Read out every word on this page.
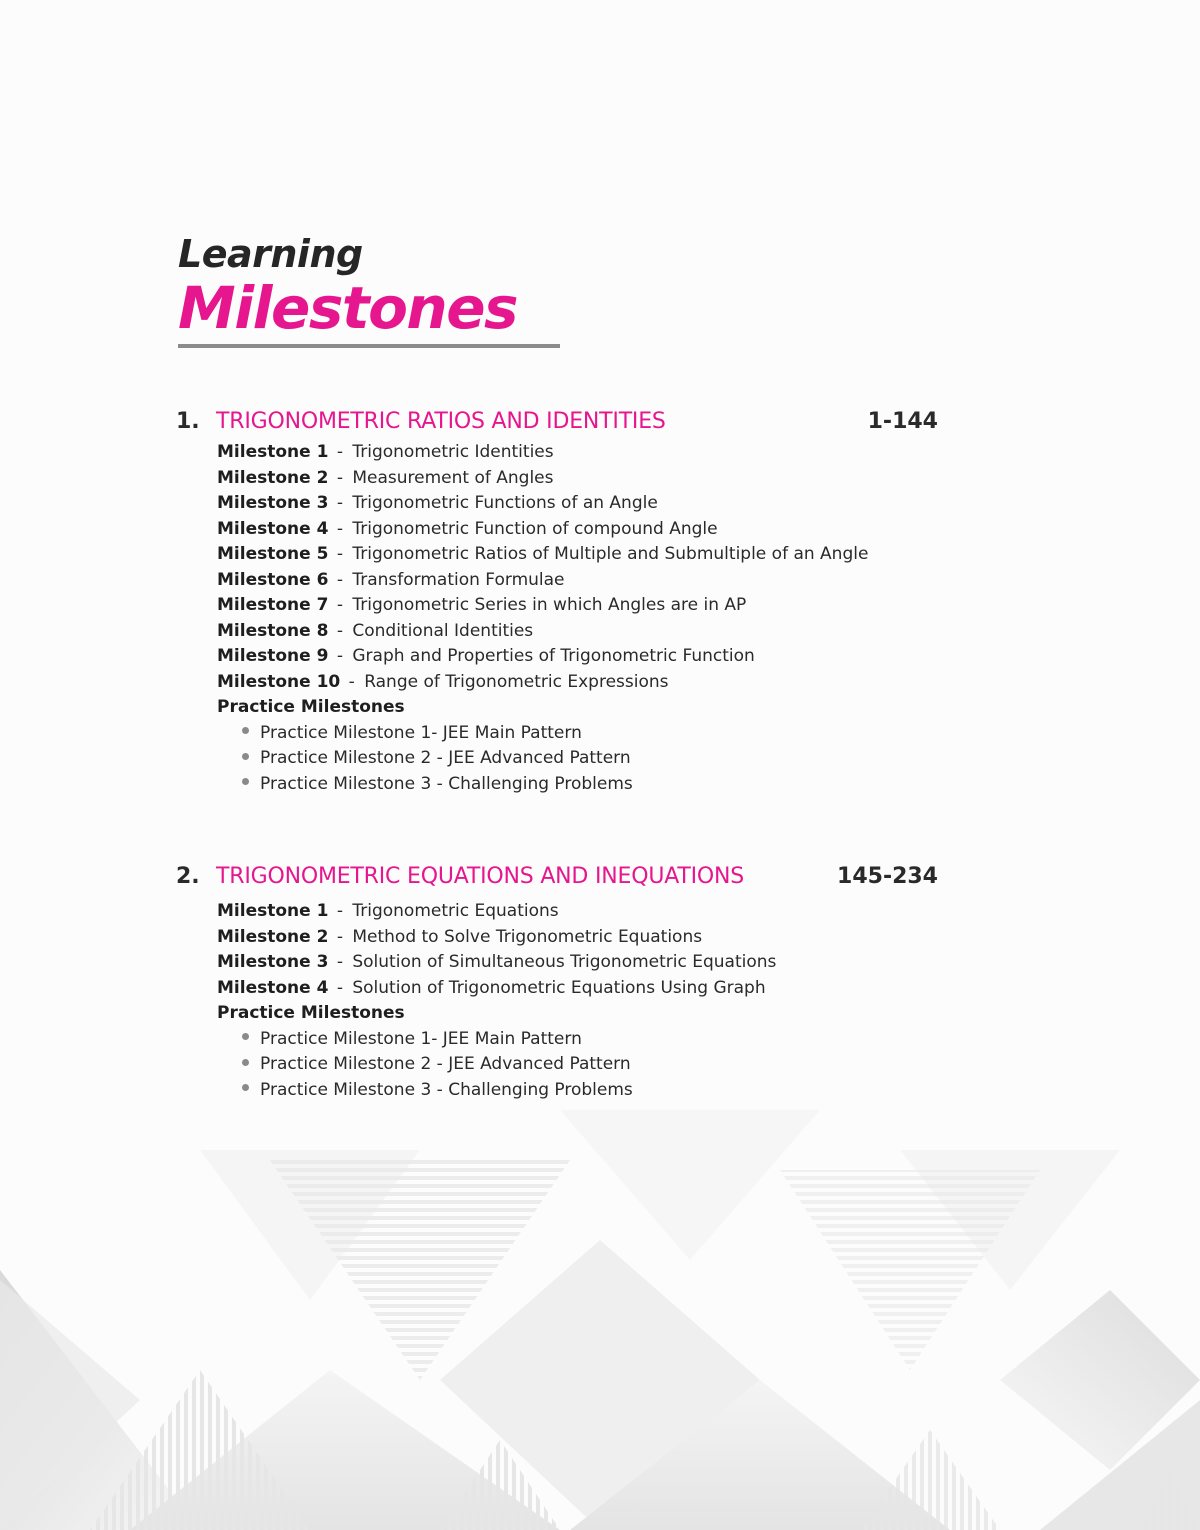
Learning
Milestones
1. TRIGONOMETRIC RATIOS AND IDENTITIES	1-144
Milestone 1 - Trigonometric Identities
Milestone 2 - Measurement of Angles
Milestone 3 - Trigonometric Functions of an Angle
Milestone 4 - Trigonometric Function of compound Angle
Milestone 5 - Trigonometric Ratios of Multiple and Submultiple of an Angle
Milestone 6 - Transformation Formulae
Milestone 7 - Trigonometric Series in which Angles are in AP
Milestone 8 - Conditional Identities
Milestone 9 - Graph and Properties of Trigonometric Function
Milestone 10 - Range of Trigonometric Expressions
Practice Milestones
Practice Milestone 1- JEE Main Pattern
Practice Milestone 2 - JEE Advanced Pattern
Practice Milestone 3 - Challenging Problems
2. TRIGONOMETRIC EQUATIONS AND INEQUATIONS	145-234
Milestone 1 - Trigonometric Equations
Milestone 2 - Method to Solve Trigonometric Equations
Milestone 3 - Solution of Simultaneous Trigonometric Equations
Milestone 4 - Solution of Trigonometric Equations Using Graph
Practice Milestones
Practice Milestone 1- JEE Main Pattern
Practice Milestone 2 - JEE Advanced Pattern
Practice Milestone 3 - Challenging Problems
